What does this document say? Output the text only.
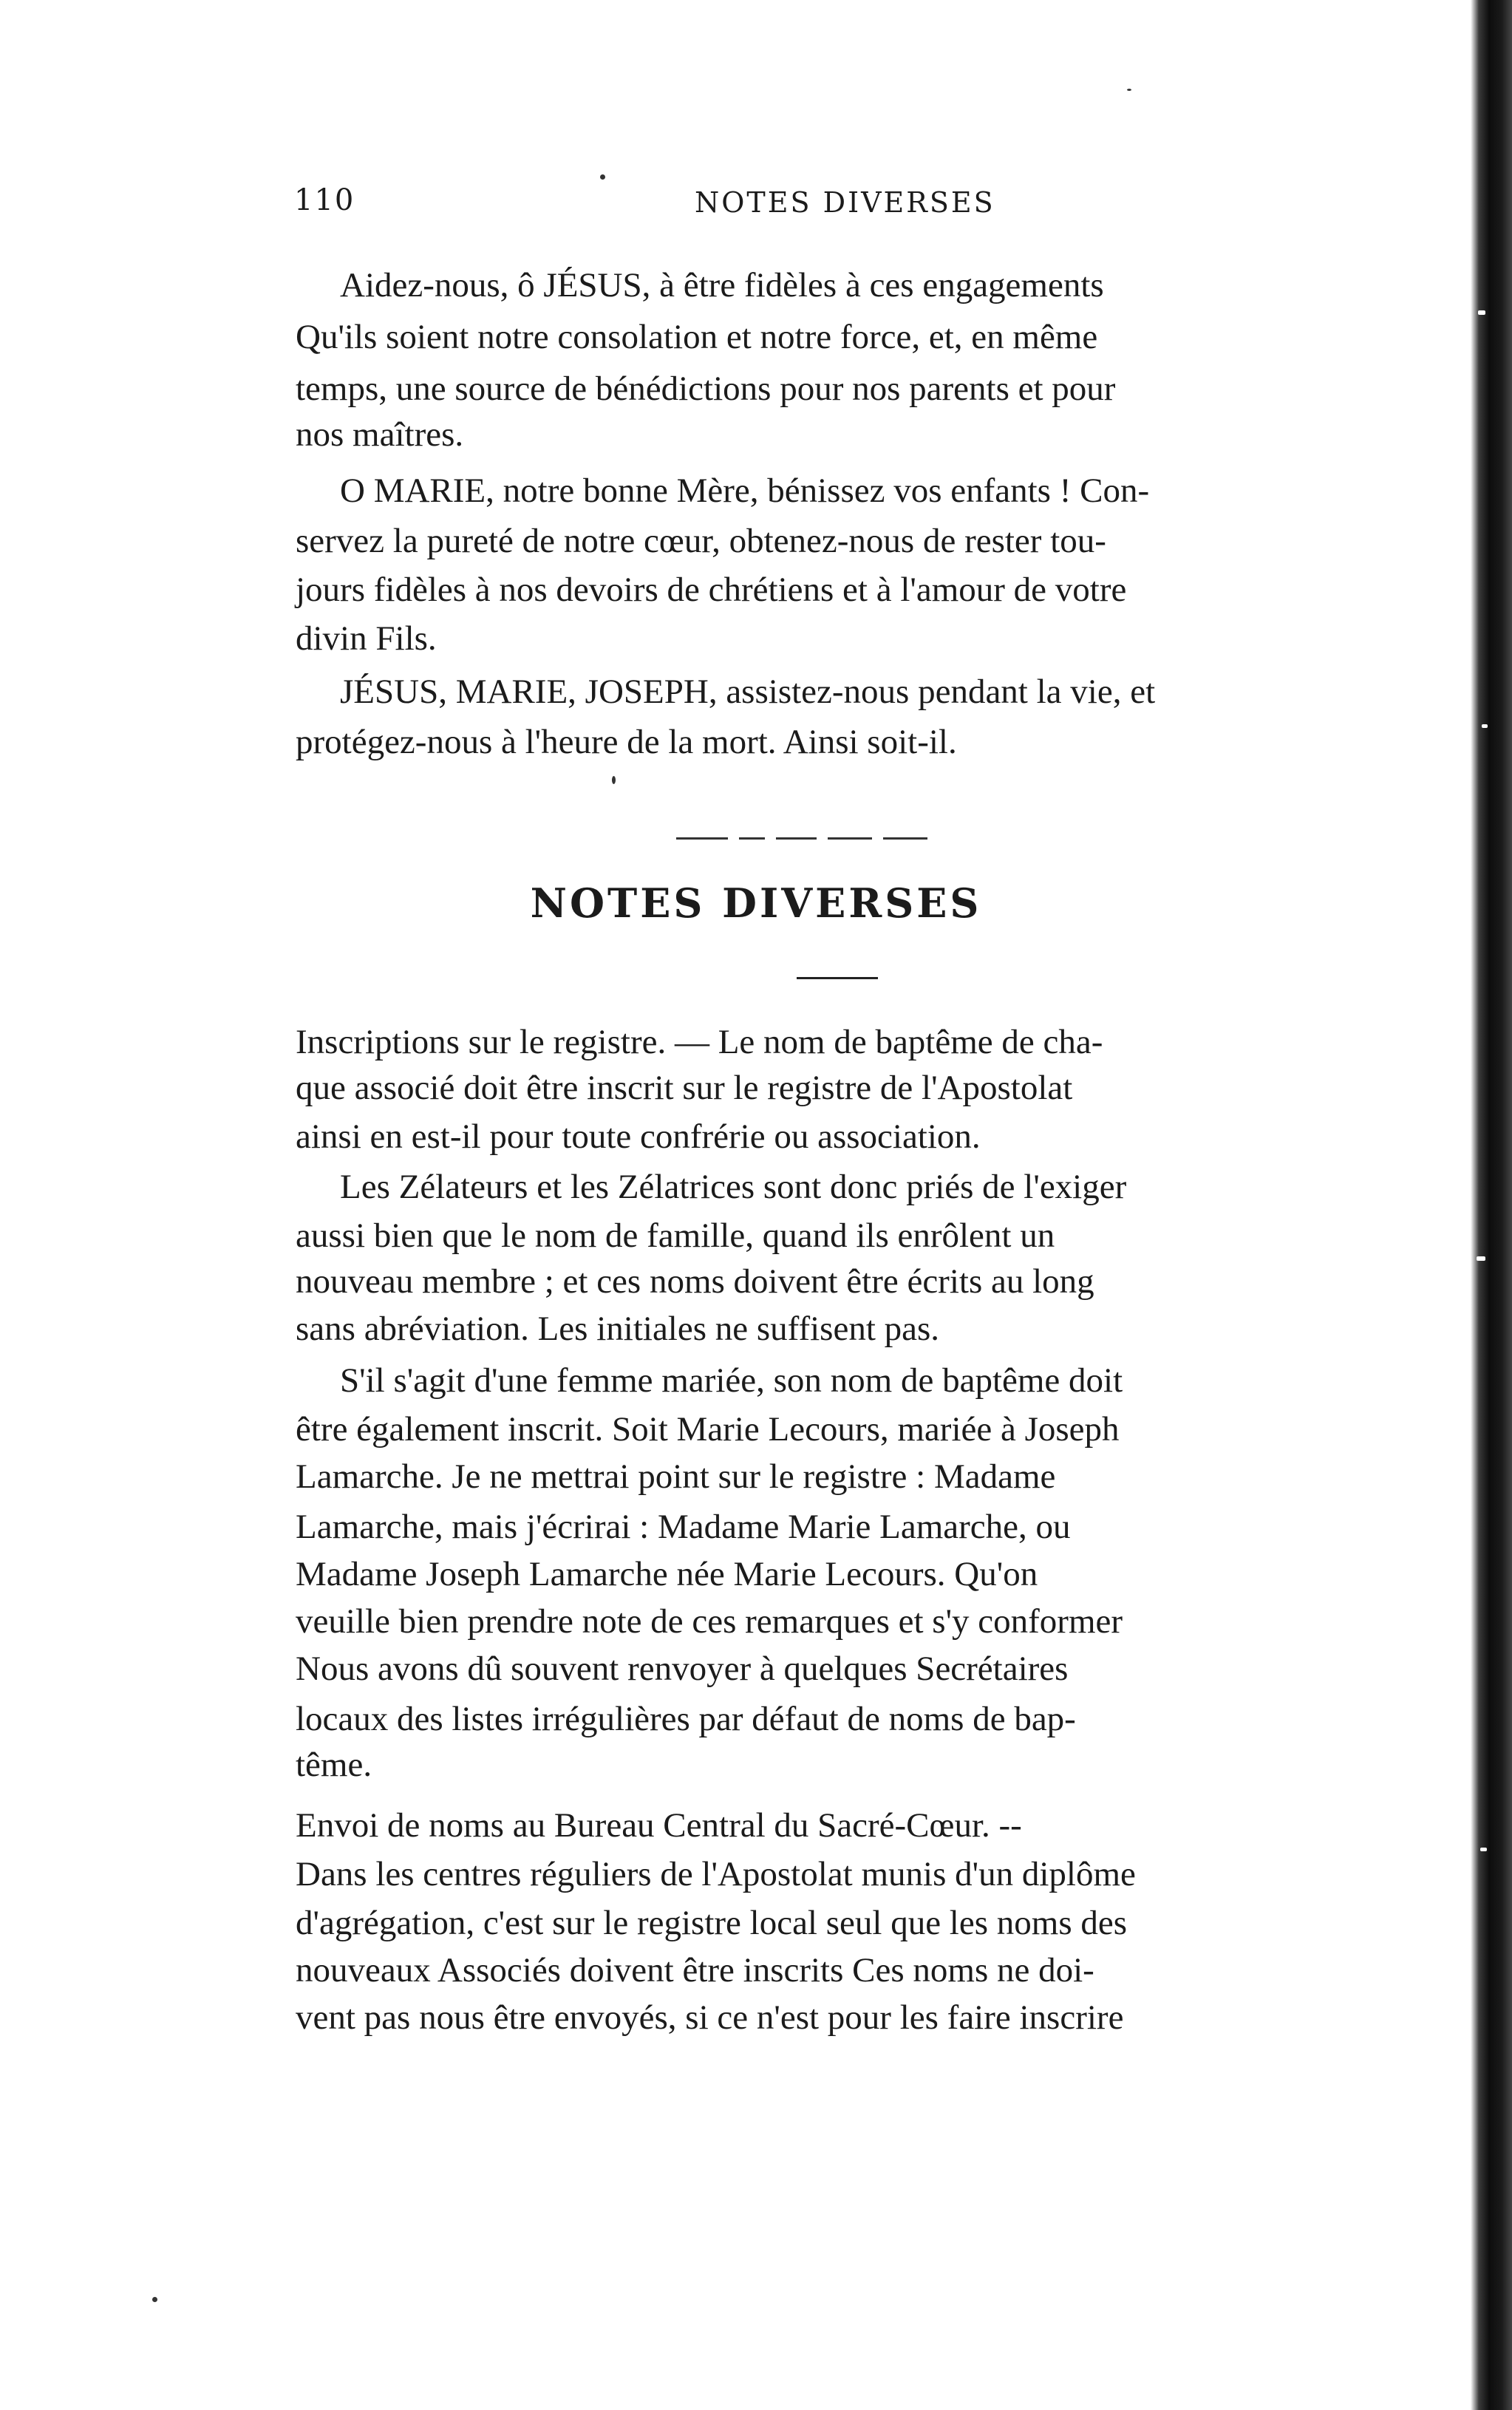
110	NOTES DIVERSES
Aidez-nous, ô JÉSUS, à être fidèles à ces engagements
Qu'ils soient notre consolation et notre force, et, en même
temps, une source de bénédictions pour nos parents et pour
nos maîtres.
O MARIE, notre bonne Mère, bénissez vos enfants ! Con-
servez la pureté de notre cœur, obtenez-nous de rester tou-
jours fidèles à nos devoirs de chrétiens et à l'amour de votre
divin Fils.
JÉSUS, MARIE, JOSEPH, assistez-nous pendant la vie, et
protégez-nous à l'heure de la mort. Ainsi soit-il.
NOTES DIVERSES
Inscriptions sur le registre. — Le nom de baptême de cha-
que associé doit être inscrit sur le registre de l'Apostolat
ainsi en est-il pour toute confrérie ou association.
Les Zélateurs et les Zélatrices sont donc priés de l'exiger
aussi bien que le nom de famille, quand ils enrôlent un
nouveau membre ; et ces noms doivent être écrits au long
sans abréviation. Les initiales ne suffisent pas.
S'il s'agit d'une femme mariée, son nom de baptême doit
être également inscrit. Soit Marie Lecours, mariée à Joseph
Lamarche. Je ne mettrai point sur le registre : Madame
Lamarche, mais j'écrirai : Madame Marie Lamarche, ou
Madame Joseph Lamarche née Marie Lecours. Qu'on
veuille bien prendre note de ces remarques et s'y conformer
Nous avons dû souvent renvoyer à quelques Secrétaires
locaux des listes irrégulières par défaut de noms de bap-
tême.
Envoi de noms au Bureau Central du Sacré-Cœur. --
Dans les centres réguliers de l'Apostolat munis d'un diplôme
d'agrégation, c'est sur le registre local seul que les noms des
nouveaux Associés doivent être inscrits Ces noms ne doi-
vent pas nous être envoyés, si ce n'est pour les faire inscrire
